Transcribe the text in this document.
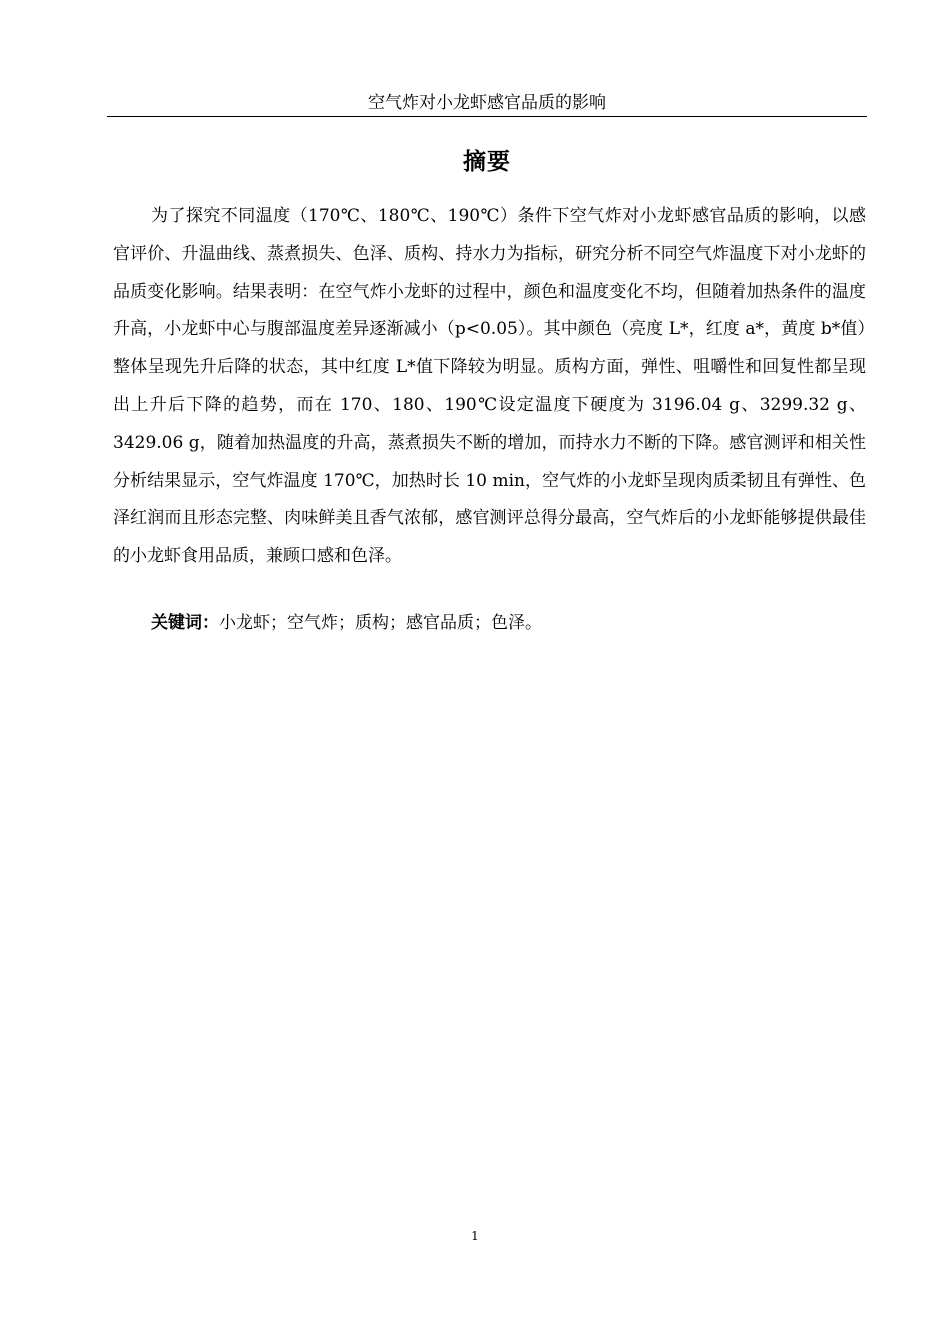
空气炸对小龙虾感官品质的影响
摘要

为了探究不同温度（170℃、180℃、190℃）条件下空气炸对小龙虾感官品质的影响，以感官评价、升温曲线、蒸煮损失、色泽、质构、持水力为指标，研究分析不同空气炸温度下对小龙虾的品质变化影响。结果表明：在空气炸小龙虾的过程中，颜色和温度变化不均，但随着加热条件的温度升高，小龙虾中心与腹部温度差异逐渐减小（p<0.05）。其中颜色（亮度 L*，红度 a*，黄度 b*值）整体呈现先升后降的状态，其中红度 L*值下降较为明显。质构方面，弹性、咀嚼性和回复性都呈现出上升后下降的趋势，而在 170、180、190℃设定温度下硬度为 3196.04 g、3299.32 g、3429.06 g，随着加热温度的升高，蒸煮损失不断的增加，而持水力不断的下降。感官测评和相关性分析结果显示，空气炸温度 170℃，加热时长 10 min，空气炸的小龙虾呈现肉质柔韧且有弹性、色泽红润而且形态完整、肉味鲜美且香气浓郁，感官测评总得分最高，空气炸后的小龙虾能够提供最佳的小龙虾食用品质，兼顾口感和色泽。

关键词：小龙虾；空气炸；质构；感官品质；色泽。

1
